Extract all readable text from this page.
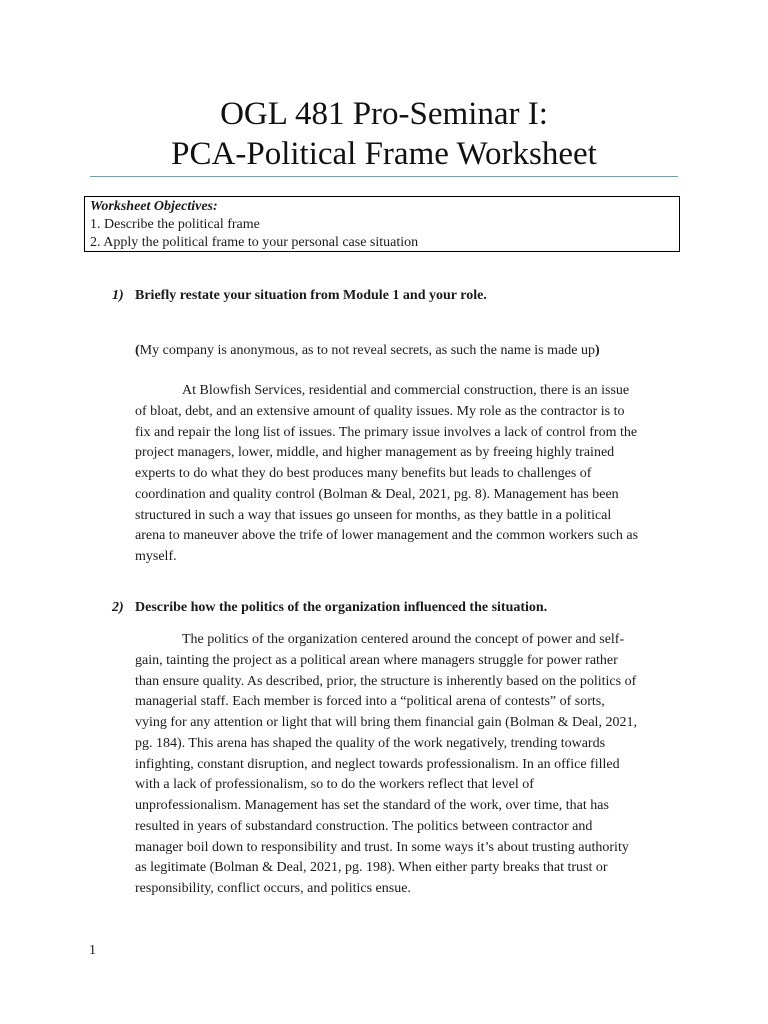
OGL 481 Pro-Seminar I:
PCA-Political Frame Worksheet
Worksheet Objectives:
1. Describe the political frame
2. Apply the political frame to your personal case situation
1) Briefly restate your situation from Module 1 and your role.
(My company is anonymous, as to not reveal secrets, as such the name is made up)
At Blowfish Services, residential and commercial construction, there is an issue
of bloat, debt, and an extensive amount of quality issues. My role as the contractor is to
fix and repair the long list of issues. The primary issue involves a lack of control from the
project managers, lower, middle, and higher management as by freeing highly trained
experts to do what they do best produces many benefits but leads to challenges of
coordination and quality control (Bolman & Deal, 2021, pg. 8). Management has been
structured in such a way that issues go unseen for months, as they battle in a political
arena to maneuver above the trife of lower management and the common workers such as
myself.
2) Describe how the politics of the organization influenced the situation.
The politics of the organization centered around the concept of power and self-
gain, tainting the project as a political arean where managers struggle for power rather
than ensure quality. As described, prior, the structure is inherently based on the politics of
managerial staff. Each member is forced into a “political arena of contests” of sorts,
vying for any attention or light that will bring them financial gain (Bolman & Deal, 2021,
pg. 184). This arena has shaped the quality of the work negatively, trending towards
infighting, constant disruption, and neglect towards professionalism. In an office filled
with a lack of professionalism, so to do the workers reflect that level of
unprofessionalism. Management has set the standard of the work, over time, that has
resulted in years of substandard construction. The politics between contractor and
manager boil down to responsibility and trust. In some ways it’s about trusting authority
as legitimate (Bolman & Deal, 2021, pg. 198). When either party breaks that trust or
responsibility, conflict occurs, and politics ensue.
1
